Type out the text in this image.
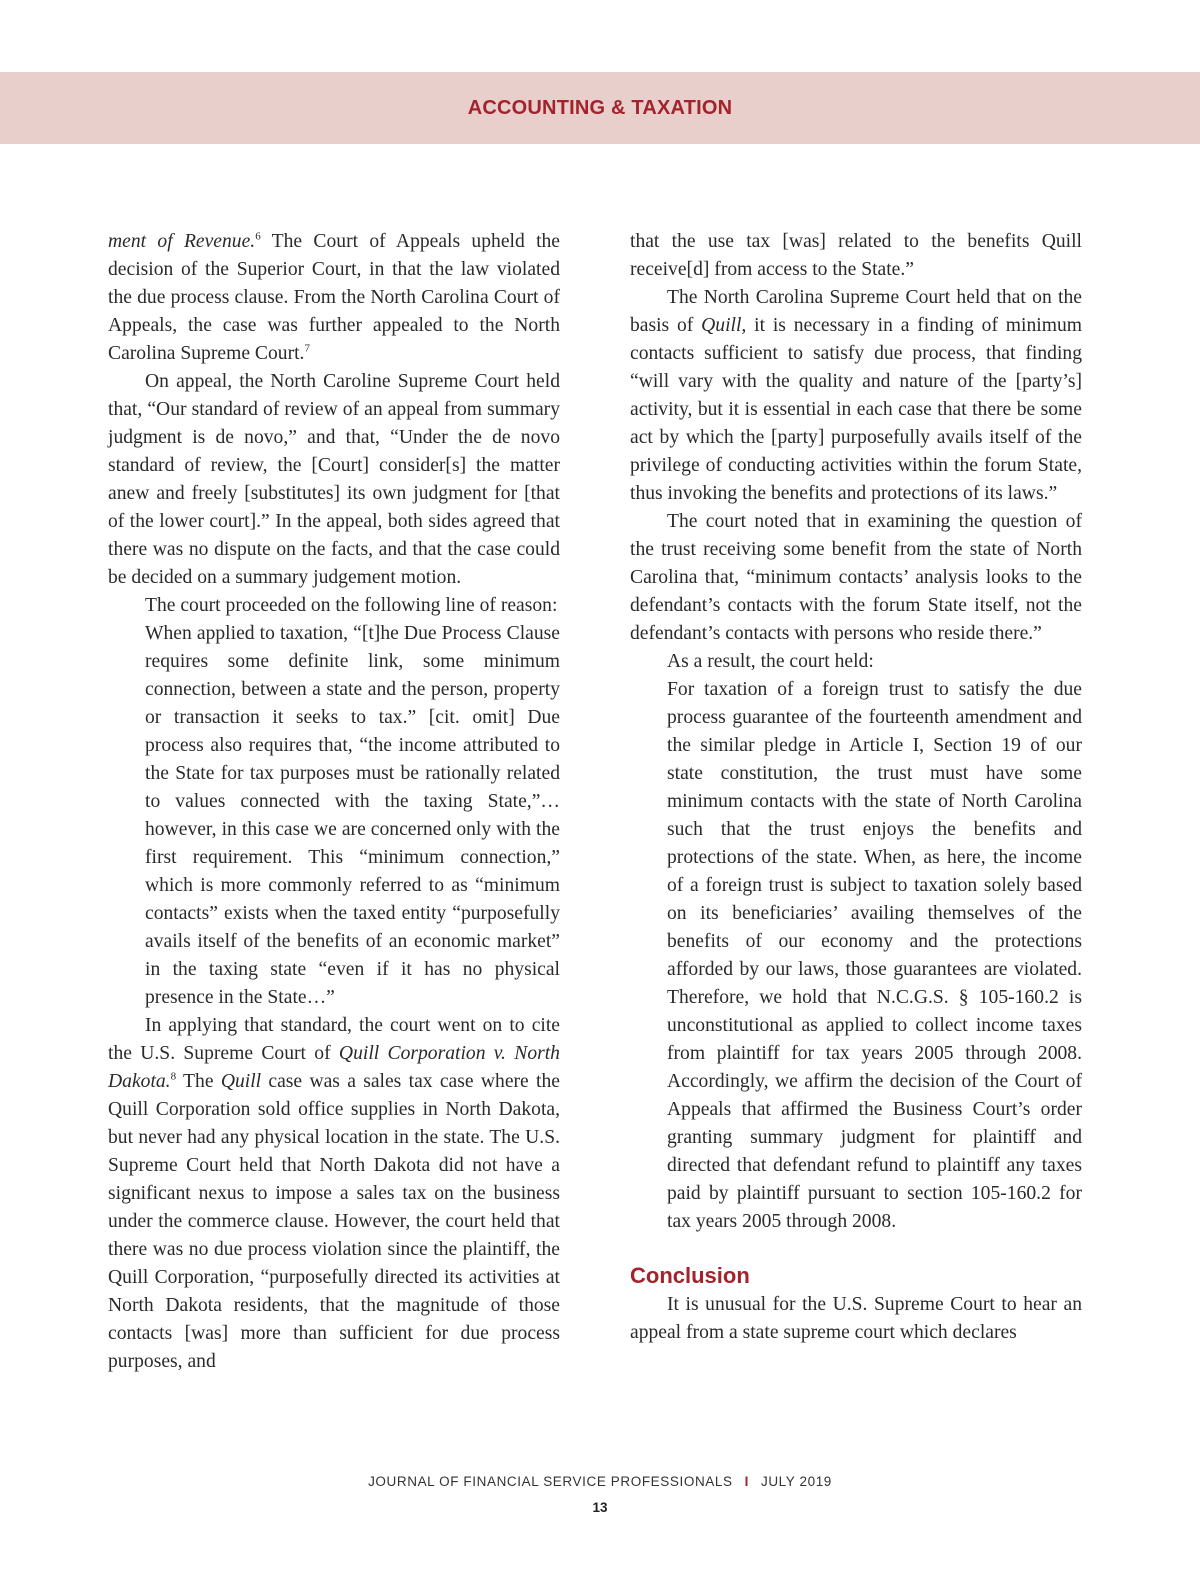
ACCOUNTING & TAXATION

ment of Revenue.$^6$ The Court of Appeals upheld the decision of the Superior Court, in that the law violated the due process clause. From the North Carolina Court of Appeals, the case was further appealed to the North Carolina Supreme Court.$^7$

On appeal, the North Caroline Supreme Court held that, “Our standard of review of an appeal from summary judgment is de novo,” and that, “Under the de novo standard of review, the [Court] consider[s] the matter anew and freely [substitutes] its own judgment for [that of the lower court].” In the appeal, both sides agreed that there was no dispute on the facts, and that the case could be decided on a summary judgement motion.

The court proceeded on the following line of reason:

When applied to taxation, “[t]he Due Process Clause requires some definite link, some minimum connection, between a state and the person, property or transaction it seeks to tax.” [cit. omit] Due process also requires that, “the income attributed to the State for tax purposes must be rationally related to values connected with the taxing State,”…however, in this case we are concerned only with the first requirement. This “minimum connection,” which is more commonly referred to as “minimum contacts” exists when the taxed entity “purposefully avails itself of the benefits of an economic market” in the taxing state “even if it has no physical presence in the State…”

In applying that standard, the court went on to cite the U.S. Supreme Court of Quill Corporation v. North Dakota.$^8$ The Quill case was a sales tax case where the Quill Corporation sold office supplies in North Dakota, but never had any physical location in the state. The U.S. Supreme Court held that North Dakota did not have a significant nexus to impose a sales tax on the business under the commerce clause. However, the court held that there was no due process violation since the plaintiff, the Quill Corporation, “purposefully directed its activities at North Dakota residents, that the magnitude of those contacts [was] more than sufficient for due process purposes, and

that the use tax [was] related to the benefits Quill receive[d] from access to the State.”

The North Carolina Supreme Court held that on the basis of Quill, it is necessary in a finding of minimum contacts sufficient to satisfy due process, that finding “will vary with the quality and nature of the [party’s] activity, but it is essential in each case that there be some act by which the [party] purposefully avails itself of the privilege of conducting activities within the forum State, thus invoking the benefits and protections of its laws.”

The court noted that in examining the question of the trust receiving some benefit from the state of North Carolina that, “minimum contacts’ analysis looks to the defendant’s contacts with the forum State itself, not the defendant’s contacts with persons who reside there.”

As a result, the court held:

For taxation of a foreign trust to satisfy the due process guarantee of the fourteenth amendment and the similar pledge in Article I, Section 19 of our state constitution, the trust must have some minimum contacts with the state of North Carolina such that the trust enjoys the benefits and protections of the state. When, as here, the income of a foreign trust is subject to taxation solely based on its beneficiaries’ availing themselves of the benefits of our economy and the protections afforded by our laws, those guarantees are violated. Therefore, we hold that N.C.G.S. § 105-160.2 is unconstitutional as applied to collect income taxes from plaintiff for tax years 2005 through 2008. Accordingly, we affirm the decision of the Court of Appeals that affirmed the Business Court’s order granting summary judgment for plaintiff and directed that defendant refund to plaintiff any taxes paid by plaintiff pursuant to section 105-160.2 for tax years 2005 through 2008.

Conclusion

It is unusual for the U.S. Supreme Court to hear an appeal from a state supreme court which declares

JOURNAL OF FINANCIAL SERVICE PROFESSIONALS I JULY 2019
13
